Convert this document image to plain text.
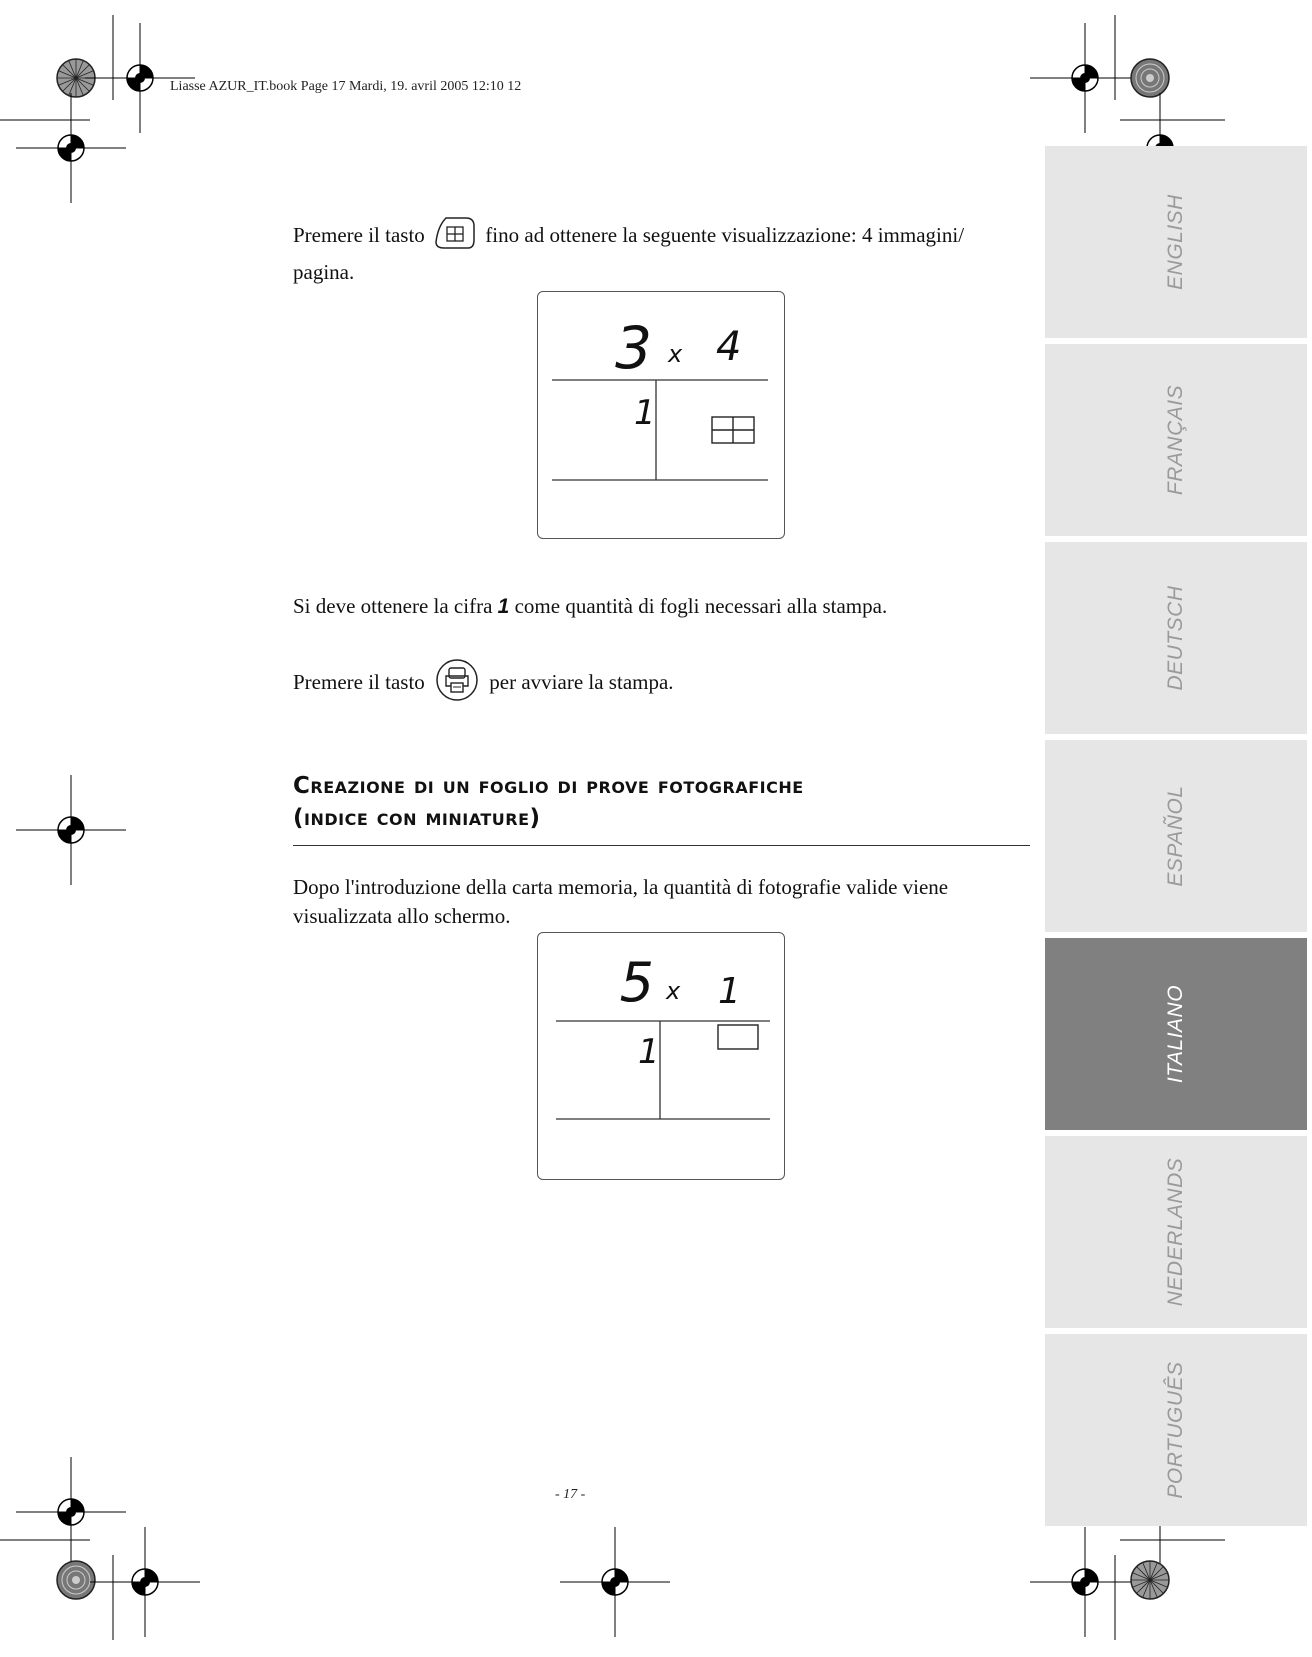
Liasse AZUR_IT.book Page 17 Mardi, 19. avril 2005 12:10 12
ENGLISH
FRANÇAIS
DEUTSCH
ESPAÑOL
ITALIANO
NEDERLANDS
PORTUGUÊS
Premere il tasto	fino ad ottenere la seguente visualizzazione: 4 immagini/ pagina.
3 x 4
1
Si deve ottenere la cifra 1 come quantità di fogli necessari alla stampa.
Premere il tasto	per avviare la stampa.
Creazione di un foglio di prove fotografiche
(indice con miniature)
Dopo l'introduzione della carta memoria, la quantità di fotografie valide viene visualizzata allo schermo.
5 x 1
1
- 17 -
